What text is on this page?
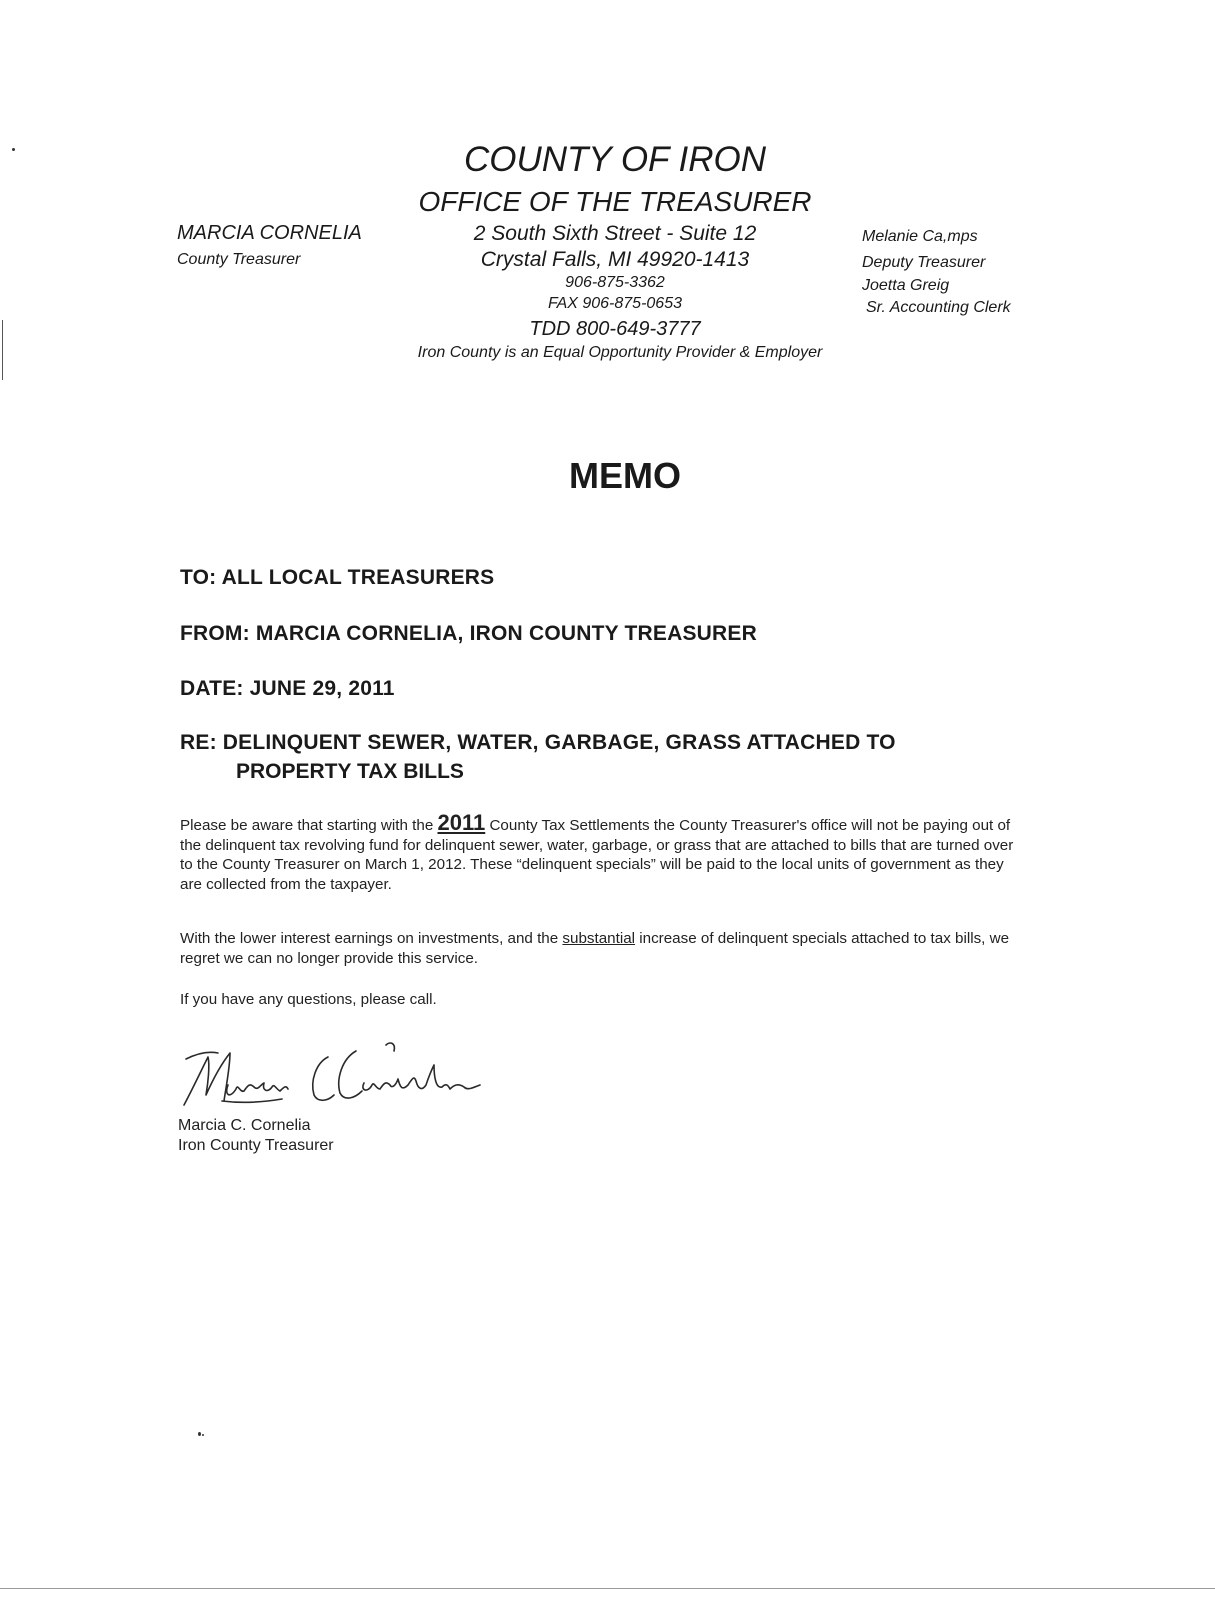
COUNTY OF IRON
OFFICE OF THE TREASURER
2 South Sixth Street - Suite 12
Crystal Falls, MI 49920-1413
906-875-3362
FAX 906-875-0653
TDD 800-649-3777
Iron County is an Equal Opportunity Provider & Employer
MARCIA CORNELIA
County Treasurer
Melanie Ca,mps
Deputy Treasurer
Joetta Greig
Sr. Accounting Clerk
MEMO
TO: ALL LOCAL TREASURERS
FROM: MARCIA CORNELIA, IRON COUNTY TREASURER
DATE: JUNE 29, 2011
RE: DELINQUENT SEWER, WATER, GARBAGE, GRASS ATTACHED TO
PROPERTY TAX BILLS
Please be aware that starting with the 2011 County Tax Settlements the County Treasurer's office will not be paying out of the delinquent tax revolving fund for delinquent sewer, water, garbage, or grass that are attached to bills that are turned over to the County Treasurer on March 1, 2012. These “delinquent specials” will be paid to the local units of government as they are collected from the taxpayer.
With the lower interest earnings on investments, and the substantial increase of delinquent specials attached to tax bills, we regret we can no longer provide this service.
If you have any questions, please call.
Marcia C. Cornelia
Iron County Treasurer
